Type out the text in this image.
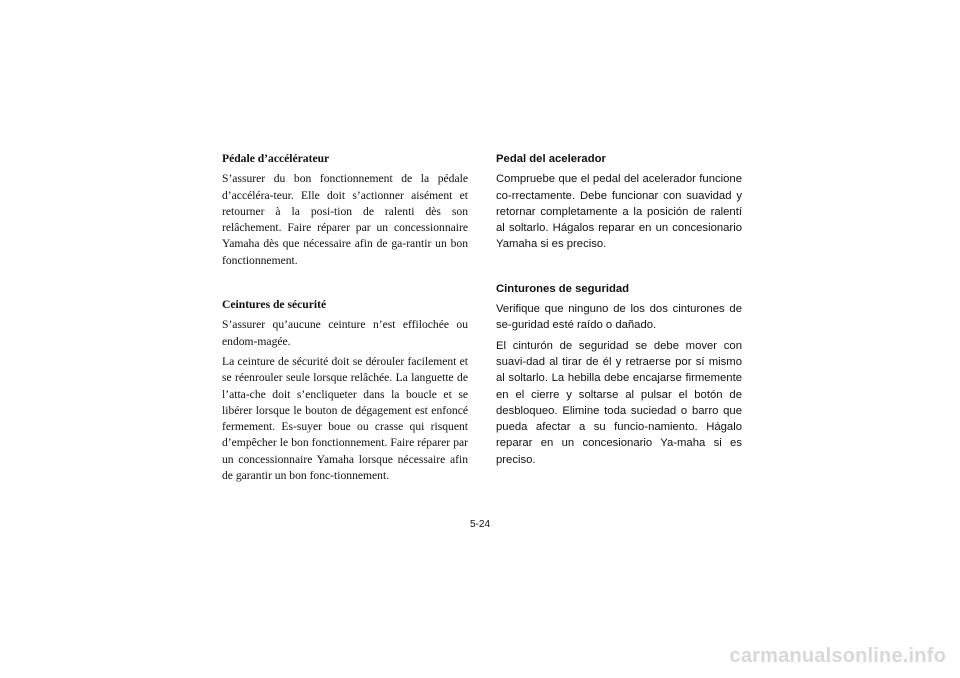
Pédale d’accélérateur

S’assurer du bon fonctionnement de la pédale d’accéléra-teur. Elle doit s’actionner aisément et retourner à la posi-tion de ralenti dès son relâchement. Faire réparer par un concessionnaire Yamaha dès que nécessaire afin de ga-rantir un bon fonctionnement.

Ceintures de sécurité

S’assurer qu’aucune ceinture n’est effilochée ou endom-magée.

La ceinture de sécurité doit se dérouler facilement et se réenrouler seule lorsque relâchée. La languette de l’atta-che doit s’encliqueter dans la boucle et se libérer lorsque le bouton de dégagement est enfoncé fermement. Es-suyer boue ou crasse qui risquent d’empêcher le bon fonctionnement. Faire réparer par un concessionnaire Yamaha lorsque nécessaire afin de garantir un bon fonc-tionnement.

Pedal del acelerador

Compruebe que el pedal del acelerador funcione co-rrectamente. Debe funcionar con suavidad y retornar completamente a la posición de ralentí al soltarlo. Hágalos reparar en un concesionario Yamaha si es preciso.

Cinturones de seguridad

Verifique que ninguno de los dos cinturones de se-guridad esté raído o dañado.

El cinturón de seguridad se debe mover con suavi-dad al tirar de él y retraerse por sí mismo al soltarlo. La hebilla debe encajarse firmemente en el cierre y soltarse al pulsar el botón de desbloqueo. Elimine toda suciedad o barro que pueda afectar a su funcio-namiento. Hágalo reparar en un concesionario Ya-maha si es preciso.

5-24
carmanualsonline.info
